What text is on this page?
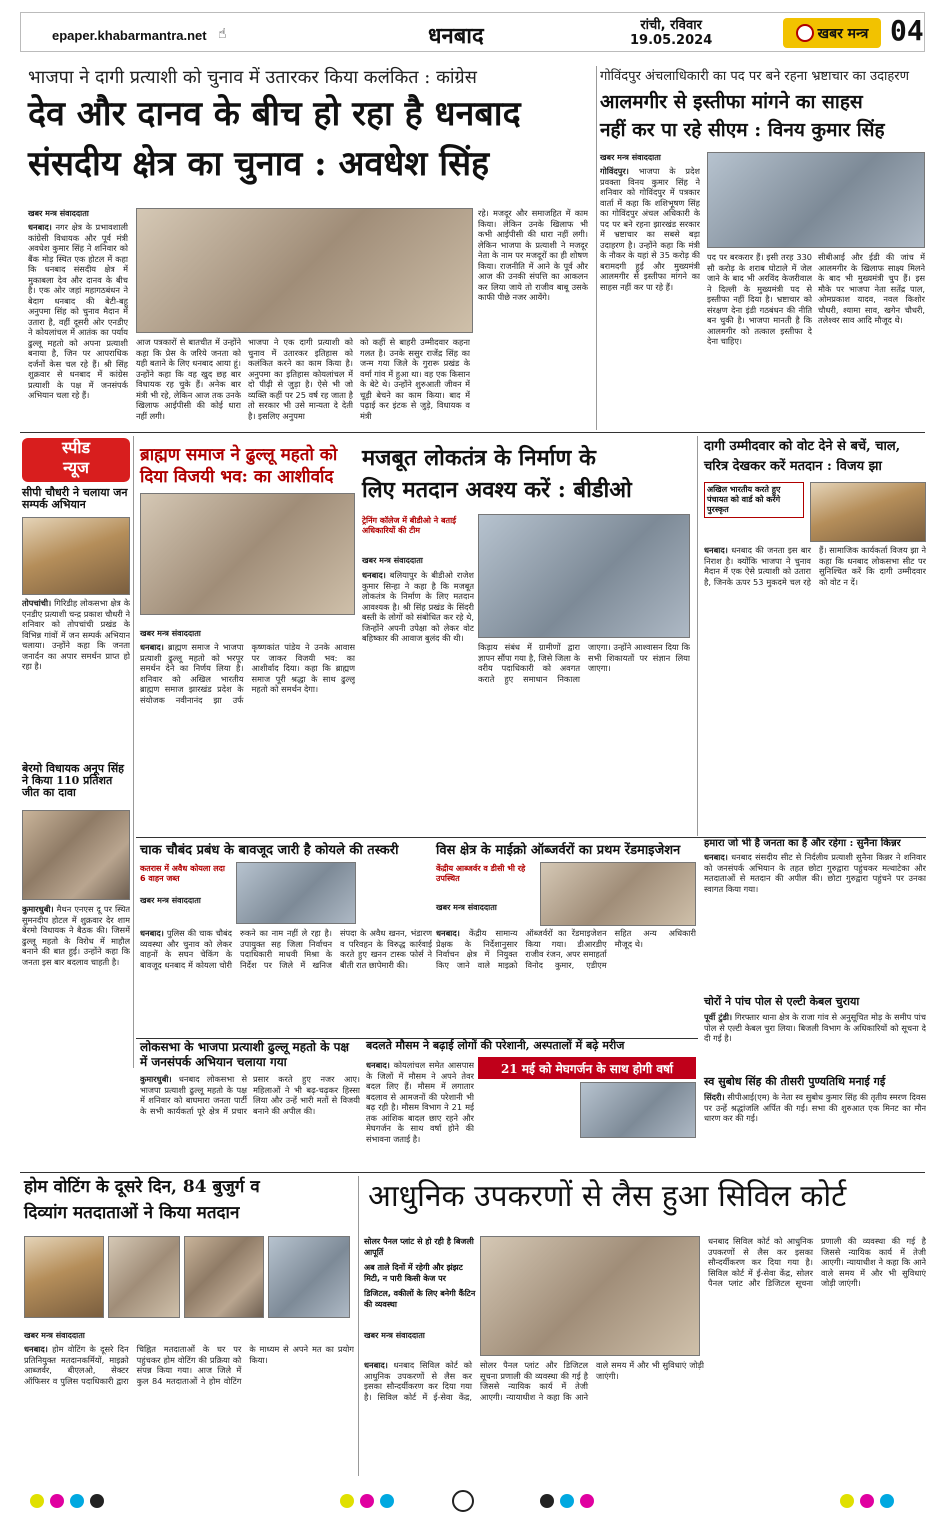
epaper.khabarmantra.net ☝	धनबाद	रांची, रविवार
19.05.2024	खबर मन्त्र 04
भाजपा ने दागी प्रत्याशी को चुनाव में उतारकर किया कलंकित : कांग्रेस
देव और दानव के बीच हो रहा है धनबाद
संसदीय क्षेत्र का चुनाव : अवधेश सिंह
खबर मन्त्र संवाददाता
धनबाद। नगर क्षेत्र के प्रभावशाली कांग्रेसी विधायक और पूर्व मंत्री अवधेश कुमार सिंह ने शनिवार को बैंक मोड़ स्थित एक होटल में कहा कि धनबाद संसदीय क्षेत्र में मुकाबला देव और दानव के बीच है। एक ओर जहां महागठबंधन ने बेदाग धनबाद की बेटी-बहू अनुपमा सिंह को चुनाव मैदान में उतारा है, वहीं दूसरी ओर एनडीए ने कोयलांचल में आतंक का पर्याय ढुल्लू महतो को अपना प्रत्याशी बनाया है, जिन पर आपराधिक दर्जनों केस चल रहे हैं। श्री सिंह शुक्रवार से धनबाद में कांग्रेस प्रत्याशी के पक्ष में जनसंपर्क अभियान चला रहे हैं।
आज पत्रकारों से बातचीत में उन्होंने कहा कि प्रेस के जरिये जनता को यही बताने के लिए धनबाद आया हूं। उन्होंने कहा कि वह खुद छह बार विधायक रह चुके हैं। अनेक बार मंत्री भी रहे, लेकिन आज तक उनके खिलाफ आईपीसी की कोई धारा नहीं लगी।
भाजपा ने एक दागी प्रत्याशी को चुनाव में उतारकर इतिहास को कलंकित करने का काम किया है। अनुपमा का इतिहास कोयलांचल में दो पीढ़ी से जुड़ा है। ऐसे भी जो व्यक्ति कहीं पर 25 वर्ष रह जाता है तो सरकार भी उसे मान्यता दे देती है। इसलिए अनुपमा
को कहीं से बाहरी उम्मीदवार कहना गलत है। उनके ससुर राजेंद्र सिंह का जन्म गया जिले के गुरारू प्रखंड के वर्मा गांव में हुआ था। वह एक किसान के बेटे थे। उन्होंने शुरुआती जीवन में चूड़ी बेचने का काम किया। बाद में पढ़ाई कर इंटक से जुड़े, विधायक व मंत्री
रहे। मजदूर और समाजहित में काम किया। लेकिन उनके खिलाफ भी कभी आईपीसी की धारा नहीं लगी। लेकिन भाजपा के प्रत्याशी ने मजदूर नेता के नाम पर मजदूरों का ही शोषण किया। राजनीति में आने के पूर्व और आज की उनकी संपत्ति का आकलन कर लिया जाये तो राजीव बाबू उसके काफी पीछे नजर आयेंगे।
गोविंदपुर अंचलाधिकारी का पद पर बने रहना भ्रष्टाचार का उदाहरण
आलमगीर से इस्तीफा मांगने का साहस
नहीं कर पा रहे सीएम : विनय कुमार सिंह
खबर मन्त्र संवाददाता
गोविंदपुर। भाजपा के प्रदेश प्रवक्ता विनय कुमार सिंह ने शनिवार को गोविंदपुर में पत्रकार वार्ता में कहा कि शशिभूषण सिंह का गोविंदपुर अंचल अधिकारी के पद पर बने रहना झारखंड सरकार में भ्रष्टाचार का सबसे बड़ा उदाहरण है। उन्होंने कहा कि मंत्री के नौकर के यहां से 35 करोड़ की बरामदगी हुई और मुख्यमंत्री आलमगीर से इस्तीफा मांगने का साहस नहीं कर पा रहे हैं।
पद पर बरकरार हैं। इसी तरह 330 सौ करोड़ के शराब घोटाले में जेल जाने के बाद भी अरविंद केजरीवाल ने दिल्ली के मुख्यमंत्री पद से इस्तीफा नहीं दिया है। भ्रष्टाचार को संरक्षण देना इंडी गठबंधन की नीति बन चुकी है। भाजपा मानती है कि आलमगीर को तत्काल इस्तीफा दे देना चाहिए।
सीबीआई और ईडी की जांच में आलमगीर के खिलाफ साक्ष्य मिलने के बाद भी मुख्यमंत्री चुप हैं। इस मौके पर भाजपा नेता सतेंद्र पाल, ओमप्रकाश यादव, नवल किशोर चौधरी, श्यामा साव, खगेन चौधरी, तलेश्वर साव आदि मौजूद थे।
स्पीड
न्यूज
सीपी चौधरी ने चलाया जन सम्पर्क अभियान
तोपचांची। गिरिडीह लोकसभा क्षेत्र के एनडीए प्रत्याशी चन्द्र प्रकाश चौधरी ने शनिवार को तोपचांची प्रखंड के विभिन्न गांवों में जन सम्पर्क अभियान चलाया। उन्होंने कहा कि जनता जनार्दन का अपार समर्थन प्राप्त हो रहा है।
बेरमो विधायक अनूप सिंह ने किया 110 प्रतिशत जीत का दावा
कुमारधुबी। मैथन एनएस दू पर स्थित सुमनदीप होटल में शुक्रवार देर शाम बेरमो विधायक ने बैठक की। जिसमें ढुल्लू महतो के विरोध में माहौल बनाने की बात हुई। उन्होंने कहा कि जनता इस बार बदलाव चाहती है।
ब्राह्मण समाज ने ढुल्लू महतो को
दिया विजयी भव: का आशीर्वाद
खबर मन्त्र संवाददाता
धनबाद। ब्राह्मण समाज ने भाजपा प्रत्याशी ढुल्लू महतो को भरपूर समर्थन देने का निर्णय लिया है। शनिवार को अखिल भारतीय ब्राह्मण समाज झारखंड प्रदेश के संयोजक नवीनानंद झा उर्फ कृष्णकांत पांडेय ने उनके आवास पर जाकर विजयी भव: का आशीर्वाद दिया। कहा कि ब्राह्मण समाज पूरी श्रद्धा के साथ ढुल्लू महतो को समर्थन देगा।
मजबूत लोकतंत्र के निर्माण के
लिए मतदान अवश्य करें : बीडीओ
ट्रेनिंग कॉलेज में बीडीओ ने बताई अधिकारियों की टीम
खबर मन्त्र संवाददाता
धनबाद। बलियापुर के बीडीओ राजेश कुमार सिन्हा ने कहा है कि मजबूत लोकतंत्र के निर्माण के लिए मतदान आवश्यक है। श्री सिंह प्रखंड के सिंदरी बस्ती के लोगों को संबोधित कर रहे थे, जिन्होंने अपनी उपेक्षा को लेकर वोट बहिष्कार की आवाज बुलंद की थी।
किड़ाय संबंध में ग्रामीणों द्वारा ज्ञापन सौंपा गया है, जिसे जिला के वरीय पदाधिकारी को अवगत कराते हुए समाधान निकाला जाएगा। उन्होंने आश्वासन दिया कि सभी शिकायतों पर संज्ञान लिया जाएगा।
दागी उम्मीदवार को वोट देने से बचें, चाल,
चरित्र देखकर करें मतदान : विजय झा
अखिल भारतीय करते हुए पंचायत को वार्ड को करेंगे पुरस्कृत
धनबाद। धनबाद की जनता इस बार निराश है। क्योंकि भाजपा ने चुनाव मैदान में एक ऐसे प्रत्याशी को उतारा है, जिनके ऊपर 53 मुकदमे चल रहे हैं। सामाजिक कार्यकर्ता विजय झा ने कहा कि धनबाद लोकसभा सीट पर सुनिश्चित करें कि दागी उम्मीदवार को वोट न दें।
हमारा जो भी है जनता का है और रहेगा : सुनैना किन्नर
धनबाद। धनबाद संसदीय सीट से निर्दलीय प्रत्याशी सुनैना किन्नर ने शनिवार को जनसंपर्क अभियान के तहत छोटा गुरुद्वारा पहुंचकर मत्थाटेका और मतदाताओं से मतदान की अपील की। छोटा गुरुद्वारा पहुंचने पर उनका स्वागत किया गया।
चोरों ने पांच पोल से एल्टी केबल चुराया
पूर्वी टुंडी। गिरफ्तार थाना क्षेत्र के राजा गांव से अनुसूचित मोड़ के समीप पांच पोल से एल्टी केबल चुरा लिया। बिजली विभाग के अधिकारियों को सूचना दे दी गई है।
स्व सुबोध सिंह की तीसरी पुण्यतिथि मनाई गई
सिंदरी। सीपीआई(एम) के नेता स्व सुबोध कुमार सिंह की तृतीय स्मरण दिवस पर उन्हें श्रद्धांजलि अर्पित की गई। सभा की शुरुआत एक मिनट का मौन धारण कर की गई।
चाक चौबंद प्रबंध के बावजूद जारी है कोयले की तस्करी
कतरास में अवैध कोयला लदा 6 वाहन जब्त
खबर मन्त्र संवाददाता
धनबाद। पुलिस की चाक चौबंद व्यवस्था और चुनाव को लेकर वाहनों के सघन चेकिंग के बावजूद धनबाद में कोयला चोरी रुकने का नाम नहीं ले रहा है। उपायुक्त सह जिला निर्वाचन पदाधिकारी माधवी मिश्रा के निर्देश पर जिले में खनिज संपदा के अवैध खनन, भंडारण व परिवहन के विरुद्ध कार्रवाई करते हुए खनन टास्क फोर्स ने बीती रात छापेमारी की।
विस क्षेत्र के माईक्रो ऑब्जर्वरों का प्रथम रेंडमाइजेशन
केंद्रीय आब्जर्वर व डीसी भी रहे उपस्थित
खबर मन्त्र संवाददाता
धनबाद। केंद्रीय सामान्य प्रेक्षक के निर्देशानुसार निर्वाचन क्षेत्र में नियुक्त किए जाने वाले माइक्रो ऑब्जर्वरों का रेंडमाइजेशन किया गया। डीआरडीए राजीव रंजन, अपर समाहर्ता विनोद कुमार, एडीएम सहित अन्य अधिकारी मौजूद थे।
लोकसभा के भाजपा प्रत्याशी ढुल्लू महतो के पक्ष में जनसंपर्क अभियान चलाया गया
कुमारधुबी। धनबाद लोकसभा से भाजपा प्रत्याशी ढुल्लू महतो के पक्ष में शनिवार को बाघमारा जनता पार्टी के सभी कार्यकर्ता पूरे क्षेत्र में प्रचार प्रसार करते हुए नजर आए। महिलाओं ने भी बढ़-चढ़कर हिस्सा लिया और उन्हें भारी मतों से विजयी बनाने की अपील की।
बदलते मौसम ने बढ़ाई लोगों की परेशानी, अस्पतालों में बढ़े मरीज
21 मई को मेघगर्जन के साथ होगी वर्षा
धनबाद। कोयलांचल समेत आसपास के जिलों में मौसम ने अपने तेवर बदल लिए हैं। मौसम में लगातार बदलाव से आमजनों की परेशानी भी बढ़ रही है। मौसम विभाग ने 21 मई तक आंशिक बादल छाए रहने और मेघगर्जन के साथ वर्षा होने की संभावना जताई है।
होम वोटिंग के दूसरे दिन, 84 बुजुर्ग व
दिव्यांग मतदाताओं ने किया मतदान
खबर मन्त्र संवाददाता
धनबाद। होम वोटिंग के दूसरे दिन प्रतिनियुक्त मतदानकर्मियों, माइक्रो आब्जर्वर, बीएलओ, सेक्टर ऑफिसर व पुलिस पदाधिकारी द्वारा चिह्नित मतदाताओं के घर पर पहुंचकर होम वोटिंग की प्रक्रिया को संपन्न किया गया। आज जिले में कुल 84 मतदाताओं ने होम वोटिंग के माध्यम से अपने मत का प्रयोग किया।
आधुनिक उपकरणों से लैस हुआ सिविल कोर्ट
सोलर पैनल प्लांट से हो रही है बिजली आपूर्ति
अब ताले दिनों में रहेगी और झंझट मिटी, न पारी किसी केज पर
डिजिटल, वकीलों के लिए बनेगी कैंटिन की व्यवस्था
खबर मन्त्र संवाददाता
धनबाद। धनबाद सिविल कोर्ट को आधुनिक उपकरणों से लैस कर इसका सौन्दर्यीकरण कर दिया गया है। सिविल कोर्ट में ई-सेवा केंद्र, सोलर पैनल प्लांट और डिजिटल सूचना प्रणाली की व्यवस्था की गई है जिससे न्यायिक कार्य में तेजी आएगी। न्यायाधीश ने कहा कि आने वाले समय में और भी सुविधाएं जोड़ी जाएंगी।
धनबाद सिविल कोर्ट को आधुनिक उपकरणों से लैस कर इसका सौन्दर्यीकरण कर दिया गया है। सिविल कोर्ट में ई-सेवा केंद्र, सोलर पैनल प्लांट और डिजिटल सूचना प्रणाली की व्यवस्था की गई है जिससे न्यायिक कार्य में तेजी आएगी। न्यायाधीश ने कहा कि आने वाले समय में और भी सुविधाएं जोड़ी जाएंगी।
